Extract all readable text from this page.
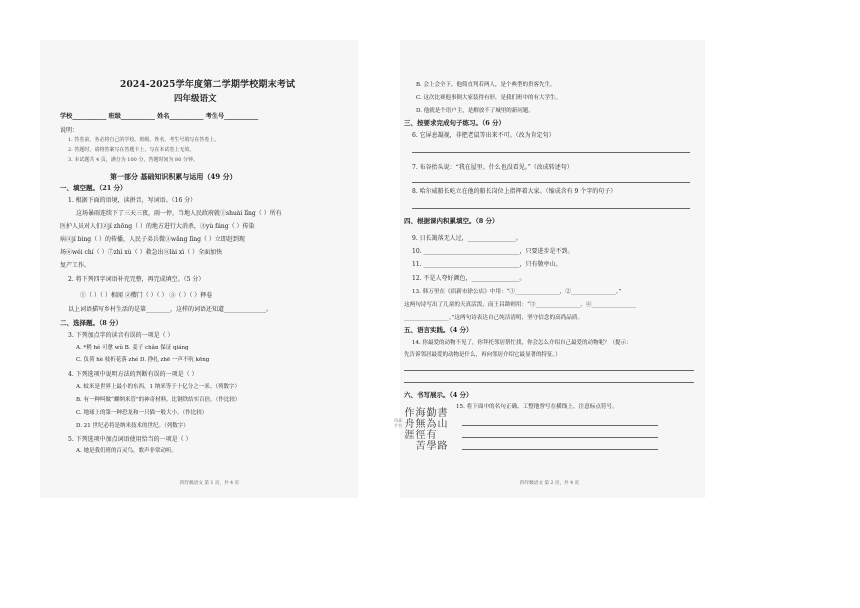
2024-2025学年度第二学期学校期末考试
四年级语文
学校___________ 班级___________ 姓名___________ 考生号___________
说明：
1. 答卷前，务必将自己的学校、班级、姓名、考生号填写在答卷上。
2. 答题时，请将答案写在答题卡上，写在本试卷上无效。
3. 本试题共 4 页，满分为 100 分，答题时间为 80 分钟。
第一部分 基础知识积累与运用（49 分）
一、填空题。（21 分）
1. 根据下面的语境，读拼音，写词语。（16 分）
这场暴雨连续下了三天三夜，雨一停，当地人民政府就①shuài lǐng（ ）所有
医护人员对人们②jí zhōng（ ）的地方进行大消杀，③yù fáng（ ）传染
病④jí bìng（ ）的传播，人民子弟兵微③wǎng lǐng（ ）立即赶到现
场⑥wéi chí（ ）⑦zhì xù（ ）救急出⑧lài xì（ ）全面加快
复产工作。
2. 将下列四字词语补充完整，再完成填空。（5 分）
①（ ）（ ）相闻 ②樱门（ ）（ ） ③（ ）（ ）释卷
以上词语描写乡村生活的是第________，这样的词语还知道______________。
二、选择题。（8 分）
3. 下列加点字的读音有误的一项是（ ）
A. *稍 hé 可惫 wǔ B. 姜子 chǎn 保证 qiáng
C. 负荷 hè 枝折花落 zhé D. 挣扎 zhē 一声不吭 kēng
4. 下列选项中说明方法的判断有误的一项是（ ）
A. 蚊米是世界上最小的东西，1 纳米等于十亿分之一米。（列数字）
B. 有一种叫做“螺纳米管”的神奇材料，比钢铁结实百倍。（作比较）
C. 地球上的第一种恐龙和一只猫一般大小。（作比较）
D. 21 世纪必将是纳米技术的世纪。（列数字）
5. 下列选项中加点词语使用恰当的一项是（ ）
A. 她是我们班的百灵鸟，歌声非常动听。
四年级语文 第 1 页，共 4 页
B. 会上会全下，他简直判若两人，是个典型的贵客先生。
C. 这次比赛他事倒大家装得有形，是我们班中的有大学生。
D. 他就是个语户主，是解放不了城里的新问题。
三、按要求完成句子练习。（6 分）
6. 它屏息凝视，非把老鼠等出来不可。（改为肯定句）
7. 布谷抬头说：“我在屋里。什么也没看见。”（改成转述句）
8. 哈尔威船长屹立在他的船长岗位上指挥着大家。（缩成含有 9 个字的句子）
四、根据课内积累填空。（8 分）
9. 日长篱落无人过，________________。
10. ________________________________，只要进步是不到。
11. ________________________________，只有敬亭山。
12. 不是人夸好颜色，________________。
13. 韩万里在《宿新市徐公店》中用：“①________________，②________________。”
这两句诗写出了儿童的天真活泼，而王昌龄则用：“③________________，④________________
________________。”这两句诗表达自己纯洁清明、坚守信念的高尚品质。
五、语言实践。（4 分）
14. 你最爱的动物不见了，你拜托邻居帮忙找，你会怎么介绍自己最爱的动物呢？（提示：
先告诉邻居最爱的动物是什么，再向邻居介绍它最显著的特征。）
六、书写展示。（4 分）
15. 将下面中的名句正确、工整地誊写在横线上，注意标点符号。
作海勤書
舟無為山
涯徑有
苦學路
印章手书
四年级语文 第 2 页，共 4 页
